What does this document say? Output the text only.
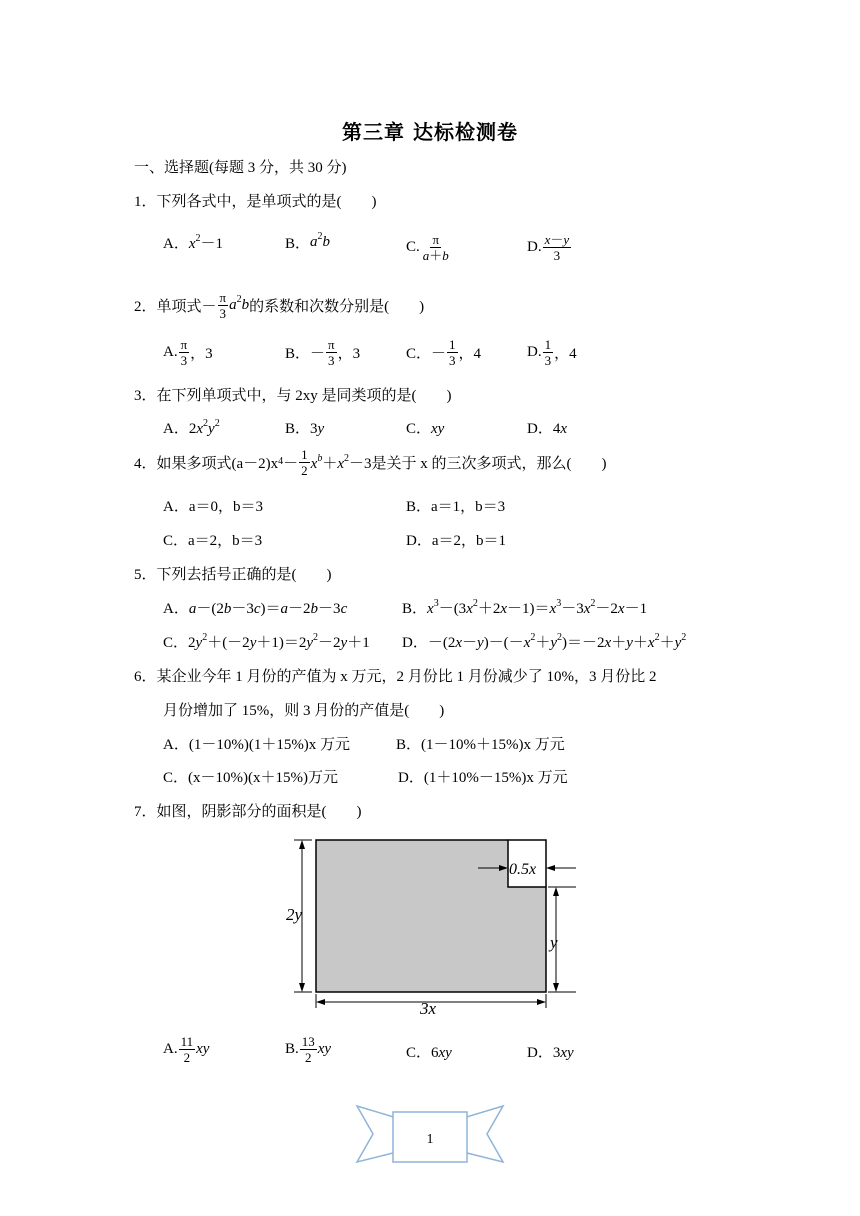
第三章 达标检测卷
一、选择题(每题 3 分，共 30 分)
1．下列各式中，是单项式的是(　　)
A． $x^2-1$	B． $a^2b$	C. $\frac{\pi}{a+b}$	D. $\frac{x-y}{3}$
2．单项式－ $\frac{\pi}{3} a^2b$ 的系数和次数分别是(　　)
A. $\frac{\pi}{3}$ ，3	B．－ $\frac{\pi}{3}$ ，3	C．－ $\frac{1}{3}$ ，4	D. $\frac{1}{3}$ ，4
3．在下列单项式中，与 2xy 是同类项的是(　　)
A．$2x^2y^2$	B．3y	C．xy	D．4x
4．如果多项式$(a-2)x^4 - \frac{1}{2} x^b+x^2-3$ 是关于 x 的三次多项式，那么(　　)
A．a＝0，b＝3	B．a＝1，b＝3
C．a＝2，b＝3	D．a＝2，b＝1
5．下列去括号正确的是(　　)
A．a－(2b－3c)＝a－2b－3c	B．$x^3-(3x^2+2x-1)=x^3-3x^2-2x-1$
C．$2y^2+(-2y+1)=2y^2-2y+1$ D．$-(2x-y)-(-x^2+y^2)=-2x+y+x^2+y^2$
6．某企业今年 1 月份的产值为 x 万元，2 月份比 1 月份减少了 10%，3 月份比 2
月份增加了 15%，则 3 月份的产值是(　　)
A．(1－10%)(1＋15%)x 万元	B．(1－10%＋15%)x 万元
C．(x－10%)(x＋15%)万元	D．(1＋10%－15%)x 万元
7．如图，阴影部分的面积是(　　)
2y
0.5x
y
3x
A. $\frac{11}{2}$ xy	B. $\frac{13}{2}$ xy	C．6xy	D．3xy
1
